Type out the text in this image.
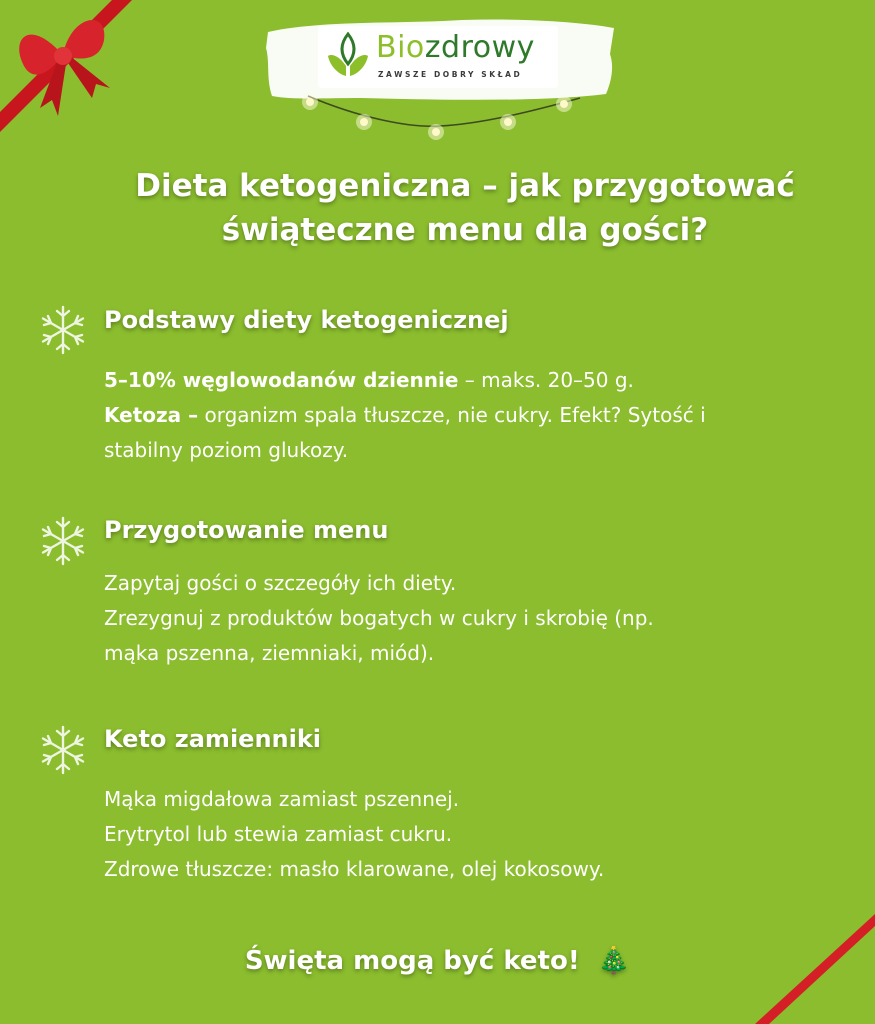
Biozdrowy
ZAWSZE DOBRY SKŁAD
Dieta ketogeniczna – jak przygotować
świąteczne menu dla gości?
Podstawy diety ketogenicznej
5–10% węglowodanów dziennie – maks. 20–50 g.
Ketoza – organizm spala tłuszcze, nie cukry. Efekt? Sytość i
stabilny poziom glukozy.
Przygotowanie menu
Zapytaj gości o szczegóły ich diety.
Zrezygnuj z produktów bogatych w cukry i skrobię (np.
mąka pszenna, ziemniaki, miód).
Keto zamienniki
Mąka migdałowa zamiast pszennej.
Erytrytol lub stewia zamiast cukru.
Zdrowe tłuszcze: masło klarowane, olej kokosowy.
Święta mogą być keto! 🎄
